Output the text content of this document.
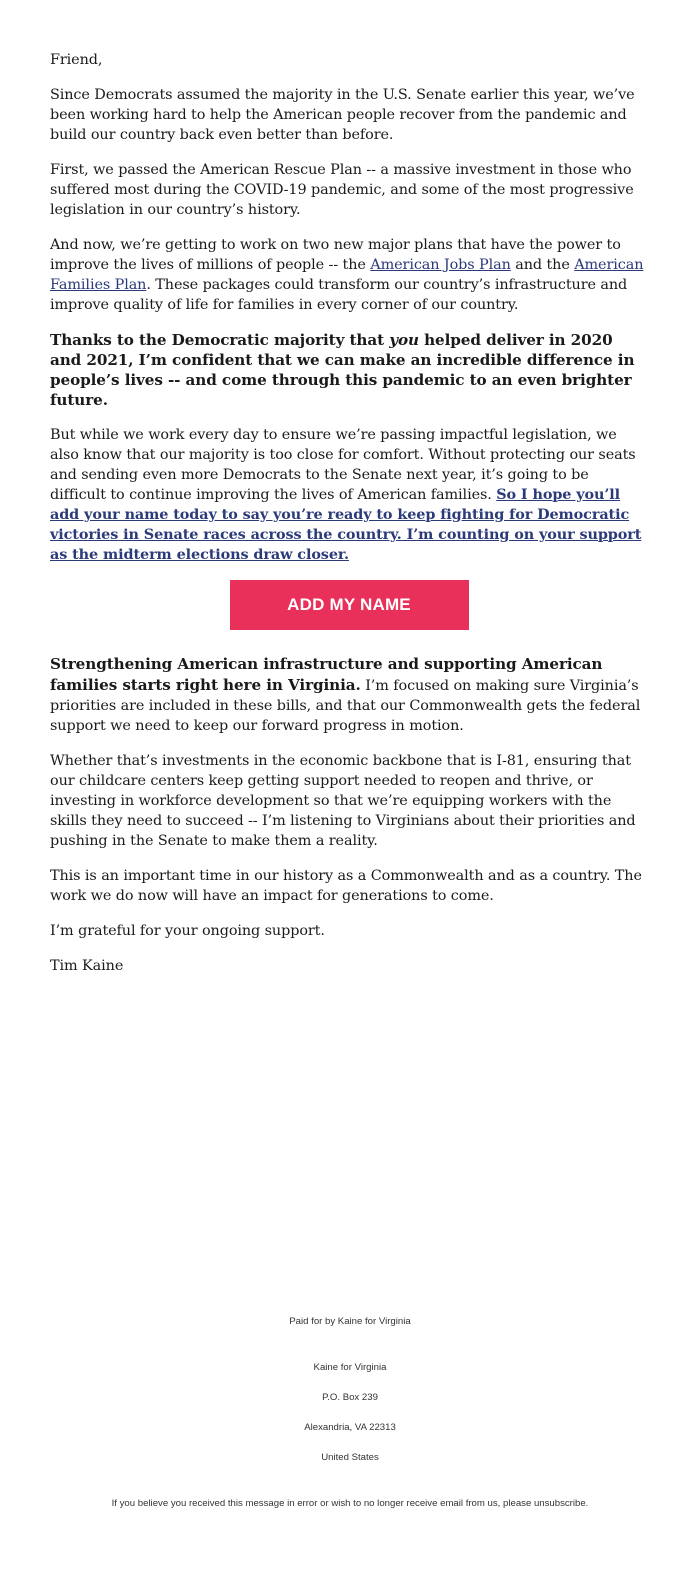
Friend,

Since Democrats assumed the majority in the U.S. Senate earlier this year, we’ve been working hard to help the American people recover from the pandemic and build our country back even better than before.

First, we passed the American Rescue Plan -- a massive investment in those who suffered most during the COVID-19 pandemic, and some of the most progressive legislation in our country’s history.

And now, we’re getting to work on two new major plans that have the power to improve the lives of millions of people -- the American Jobs Plan and the American Families Plan. These packages could transform our country’s infrastructure and improve quality of life for families in every corner of our country.

Thanks to the Democratic majority that you helped deliver in 2020 and 2021, I’m confident that we can make an incredible difference in people’s lives -- and come through this pandemic to an even brighter future.

But while we work every day to ensure we’re passing impactful legislation, we also know that our majority is too close for comfort. Without protecting our seats and sending even more Democrats to the Senate next year, it’s going to be difficult to continue improving the lives of American families. So I hope you’ll add your name today to say you’re ready to keep fighting for Democratic victories in Senate races across the country. I’m counting on your support as the midterm elections draw closer.

ADD MY NAME

Strengthening American infrastructure and supporting American families starts right here in Virginia. I’m focused on making sure Virginia’s priorities are included in these bills, and that our Commonwealth gets the federal support we need to keep our forward progress in motion.

Whether that’s investments in the economic backbone that is I-81, ensuring that our childcare centers keep getting support needed to reopen and thrive, or investing in workforce development so that we’re equipping workers with the skills they need to succeed -- I’m listening to Virginians about their priorities and pushing in the Senate to make them a reality.

This is an important time in our history as a Commonwealth and as a country. The work we do now will have an impact for generations to come.

I’m grateful for your ongoing support.

Tim Kaine

Paid for by Kaine for Virginia
Kaine for Virginia
P.O. Box 239
Alexandria, VA 22313
United States
If you believe you received this message in error or wish to no longer receive email from us, please unsubscribe.
